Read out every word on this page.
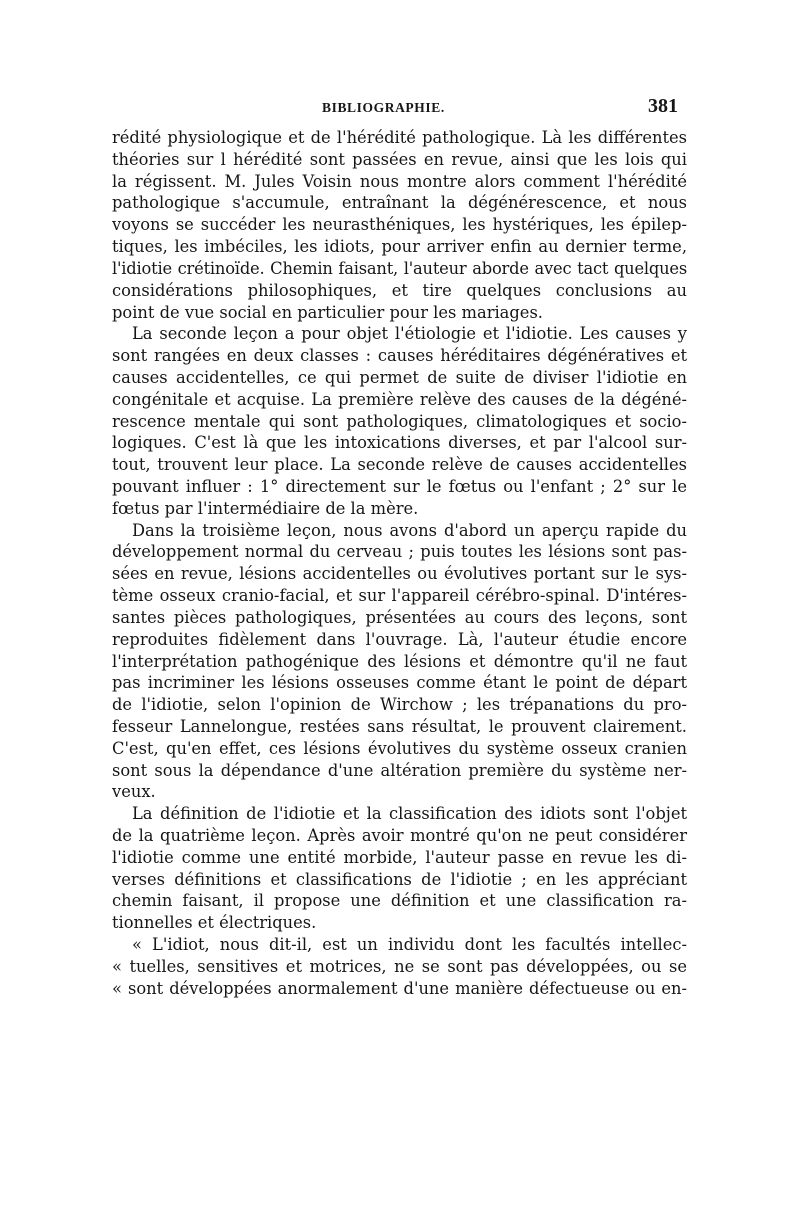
BIBLIOGRAPHIE.	381
rédité physiologique et de l'hérédité pathologique. Là les différentes
théories sur l hérédité sont passées en revue, ainsi que les lois qui
la régissent. M. Jules Voisin nous montre alors comment l'hérédité
pathologique s'accumule, entraînant la dégénérescence, et nous
voyons se succéder les neurasthéniques, les hystériques, les épilep-
tiques, les imbéciles, les idiots, pour arriver enfin au dernier terme,
l'idiotie crétinoïde. Chemin faisant, l'auteur aborde avec tact quelques
considérations philosophiques, et tire quelques conclusions au
point de vue social en particulier pour les mariages.
La seconde leçon a pour objet l'étiologie et l'idiotie. Les causes y
sont rangées en deux classes : causes héréditaires dégénératives et
causes accidentelles, ce qui permet de suite de diviser l'idiotie en
congénitale et acquise. La première relève des causes de la dégéné-
rescence mentale qui sont pathologiques, climatologiques et socio-
logiques. C'est là que les intoxications diverses, et par l'alcool sur-
tout, trouvent leur place. La seconde relève de causes accidentelles
pouvant influer : 1° directement sur le fœtus ou l'enfant ; 2° sur le
fœtus par l'intermédiaire de la mère.
Dans la troisième leçon, nous avons d'abord un aperçu rapide du
développement normal du cerveau ; puis toutes les lésions sont pas-
sées en revue, lésions accidentelles ou évolutives portant sur le sys-
tème osseux cranio-facial, et sur l'appareil cérébro-spinal. D'intéres-
santes pièces pathologiques, présentées au cours des leçons, sont
reproduites fidèlement dans l'ouvrage. Là, l'auteur étudie encore
l'interprétation pathogénique des lésions et démontre qu'il ne faut
pas incriminer les lésions osseuses comme étant le point de départ
de l'idiotie, selon l'opinion de Wirchow ; les trépanations du pro-
fesseur Lannelongue, restées sans résultat, le prouvent clairement.
C'est, qu'en effet, ces lésions évolutives du système osseux cranien
sont sous la dépendance d'une altération première du système ner-
veux.
La définition de l'idiotie et la classification des idiots sont l'objet
de la quatrième leçon. Après avoir montré qu'on ne peut considérer
l'idiotie comme une entité morbide, l'auteur passe en revue les di-
verses définitions et classifications de l'idiotie ; en les appréciant
chemin faisant, il propose une définition et une classification ra-
tionnelles et électriques.
« L'idiot, nous dit-il, est un individu dont les facultés intellec-
« tuelles, sensitives et motrices, ne se sont pas développées, ou se
« sont développées anormalement d'une manière défectueuse ou en-
